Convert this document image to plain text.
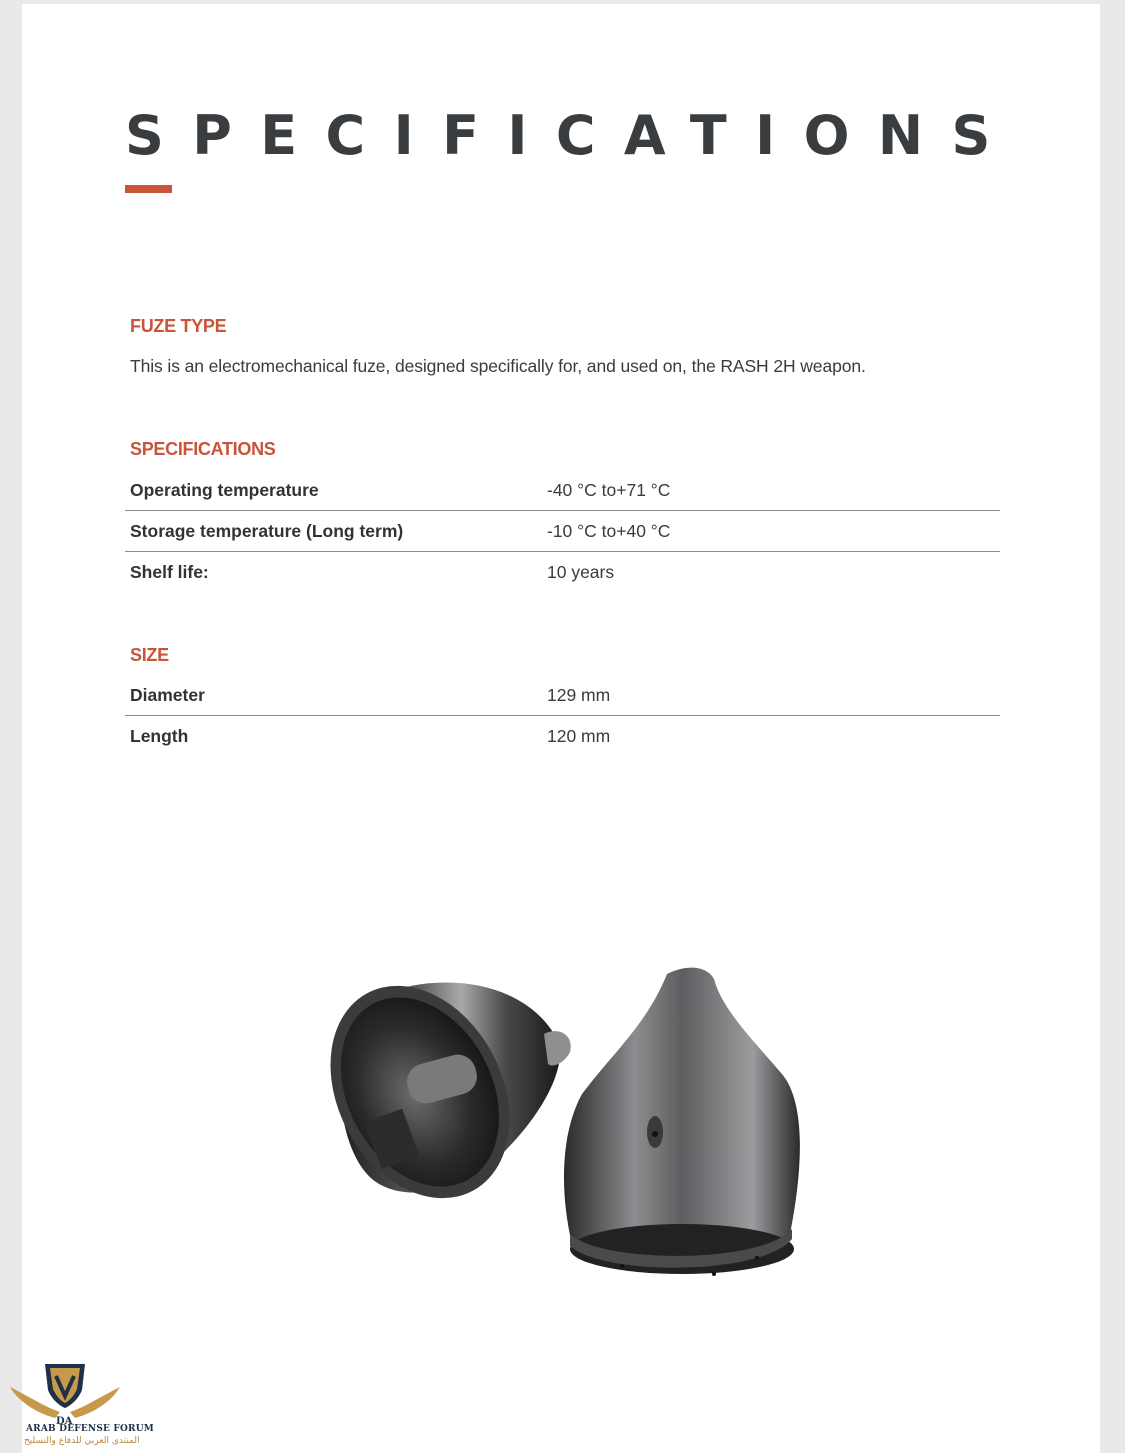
SPECIFICATIONS
FUZE TYPE

This is an electromechanical fuze, designed specifically for, and used on, the RASH 2H weapon.

SPECIFICATIONS
Operating temperature	-40 °C to+71 °C
Storage temperature (Long term)	-10 °C to+40 °C
Shelf life:	10 years
SIZE
Diameter	129 mm
Length	120 mm
DA
ARAB DEFENSE FORUM
المنتدى العربي للدفاع والتسليح
